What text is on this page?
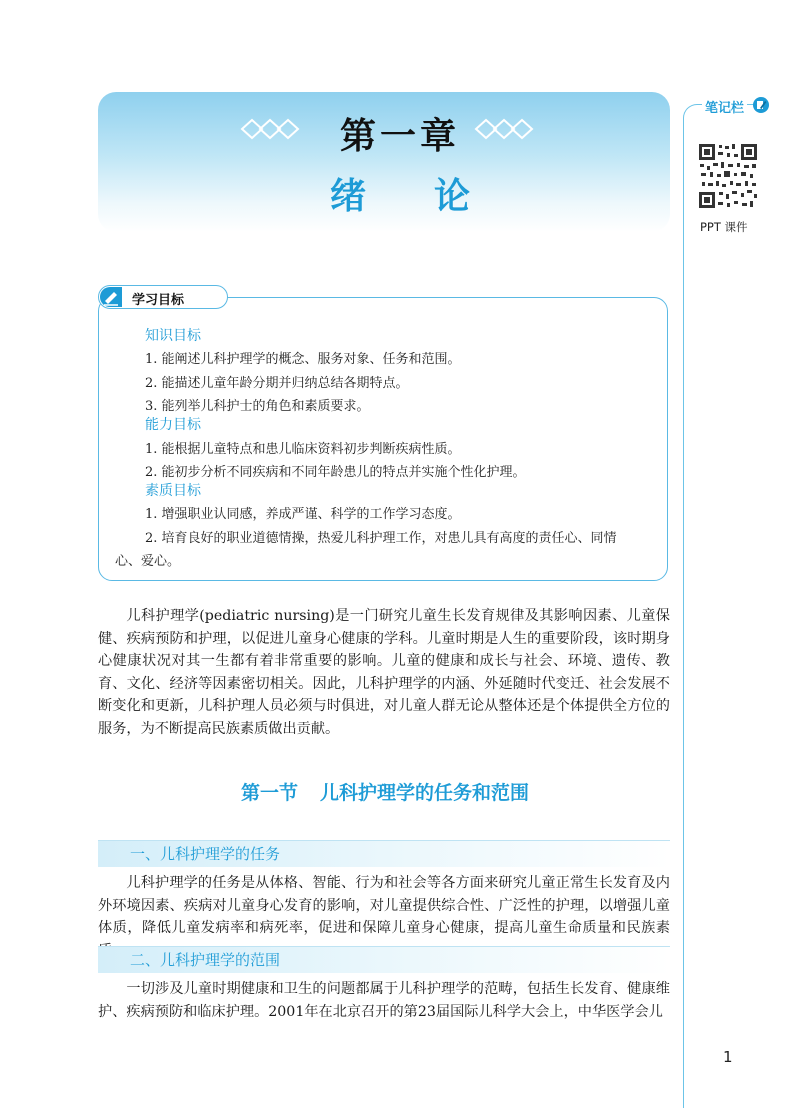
第一章
绪论
笔记栏
PPT 课件
学习目标
知识目标
1. 能阐述儿科护理学的概念、服务对象、任务和范围。
2. 能描述儿童年龄分期并归纳总结各期特点。
3. 能列举儿科护士的角色和素质要求。
能力目标
1. 能根据儿童特点和患儿临床资料初步判断疾病性质。
2. 能初步分析不同疾病和不同年龄患儿的特点并实施个性化护理。
素质目标
1. 增强职业认同感，养成严谨、科学的工作学习态度。
2. 培育良好的职业道德情操，热爱儿科护理工作，对患儿具有高度的责任心、同情
心、爱心。
儿科护理学(pediatric nursing)是一门研究儿童生长发育规律及其影响因素、儿童保健、疾病预防和护理，以促进儿童身心健康的学科。儿童时期是人生的重要阶段，该时期身心健康状况对其一生都有着非常重要的影响。儿童的健康和成长与社会、环境、遗传、教育、文化、经济等因素密切相关。因此，儿科护理学的内涵、外延随时代变迁、社会发展不断变化和更新，儿科护理人员必须与时俱进，对儿童人群无论从整体还是个体提供全方位的服务，为不断提高民族素质做出贡献。
第一节 儿科护理学的任务和范围
一、儿科护理学的任务
儿科护理学的任务是从体格、智能、行为和社会等各方面来研究儿童正常生长发育及内外环境因素、疾病对儿童身心发育的影响，对儿童提供综合性、广泛性的护理，以增强儿童体质，降低儿童发病率和病死率，促进和保障儿童身心健康，提高儿童生命质量和民族素
二、儿科护理学的范围
一切涉及儿童时期健康和卫生的问题都属于儿科护理学的范畴，包括生长发育、健康维护、疾病预防和临床护理。2001年在北京召开的第23届国际儿科学大会上，中华医学会儿
1
